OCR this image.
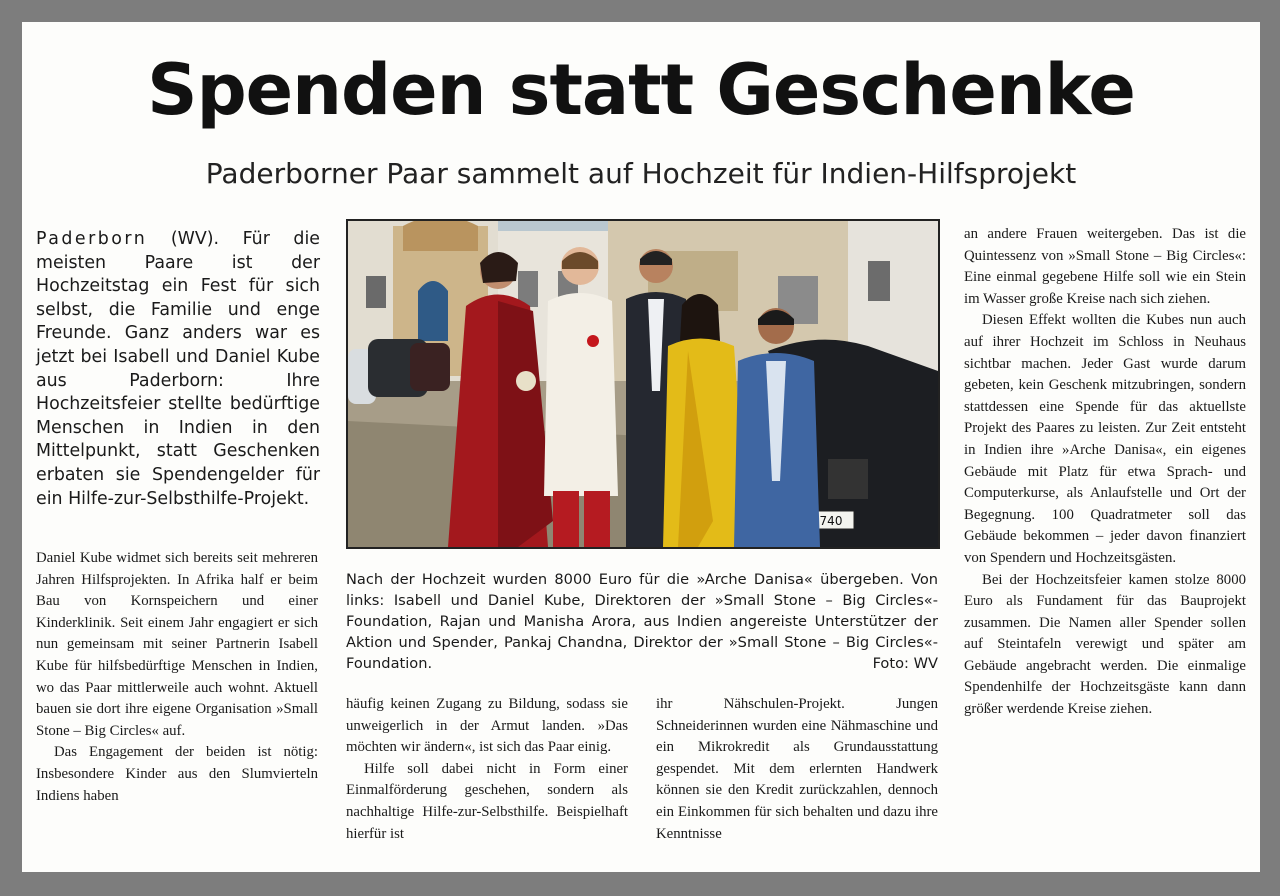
Spenden statt Geschenke
Paderborner Paar sammelt auf Hochzeit für Indien-Hilfsprojekt
Paderborn (WV). Für die meisten Paare ist der Hochzeitstag ein Fest für sich selbst, die Familie und enge Freunde. Ganz anders war es jetzt bei Isabell und Daniel Kube aus Paderborn: Ihre Hochzeitsfeier stellte bedürftige Menschen in Indien in den Mittelpunkt, statt Geschenken erbaten sie Spendengelder für ein Hilfe-zur-Selbsthilfe-Projekt.
740
Nach der Hochzeit wurden 8000 Euro für die »Arche Danisa« übergeben. Von links: Isabell und Daniel Kube, Direktoren der »Small Stone – Big Circles«-Foundation, Rajan und Manisha Arora, aus Indien angereiste Unterstützer der Aktion und Spender, Pankaj Chandna, Direktor der »Small Stone – Big Circles«-Foundation.	Foto: WV

Daniel Kube widmet sich bereits seit mehreren Jahren Hilfsprojekten. In Afrika half er beim Bau von Kornspeichern und einer Kinderklinik. Seit einem Jahr engagiert er sich nun gemeinsam mit seiner Partnerin Isabell Kube für hilfsbedürftige Menschen in Indien, wo das Paar mittlerweile auch wohnt. Aktuell bauen sie dort ihre eigene Organisation »Small Stone – Big Circles« auf.

Das Engagement der beiden ist nötig: Insbesondere Kinder aus den Slumvierteln Indiens haben

häufig keinen Zugang zu Bildung, sodass sie unweigerlich in der Armut landen. »Das möchten wir ändern«, ist sich das Paar einig.

Hilfe soll dabei nicht in Form einer Einmalförderung geschehen, sondern als nachhaltige Hilfe-zur-Selbsthilfe. Beispielhaft hierfür ist

ihr Nähschulen-Projekt. Jungen Schneiderinnen wurden eine Nähmaschine und ein Mikrokredit als Grundausstattung gespendet. Mit dem erlernten Handwerk können sie den Kredit zurückzahlen, dennoch ein Einkommen für sich behalten und dazu ihre Kenntnisse

an andere Frauen weitergeben. Das ist die Quintessenz von »Small Stone – Big Circles«: Eine einmal gegebene Hilfe soll wie ein Stein im Wasser große Kreise nach sich ziehen.

Diesen Effekt wollten die Kubes nun auch auf ihrer Hochzeit im Schloss in Neuhaus sichtbar machen. Jeder Gast wurde darum gebeten, kein Geschenk mitzubringen, sondern stattdessen eine Spende für das aktuellste Projekt des Paares zu leisten. Zur Zeit entsteht in Indien ihre »Arche Danisa«, ein eigenes Gebäude mit Platz für etwa Sprach- und Computerkurse, als Anlaufstelle und Ort der Begegnung. 100 Quadratmeter soll das Gebäude bekommen – jeder davon finanziert von Spendern und Hochzeitsgästen.

Bei der Hochzeitsfeier kamen stolze 8000 Euro als Fundament für das Bauprojekt zusammen. Die Namen aller Spender sollen auf Steintafeln verewigt und später am Gebäude angebracht werden. Die einmalige Spendenhilfe der Hochzeitsgäste kann dann größer werdende Kreise ziehen.
